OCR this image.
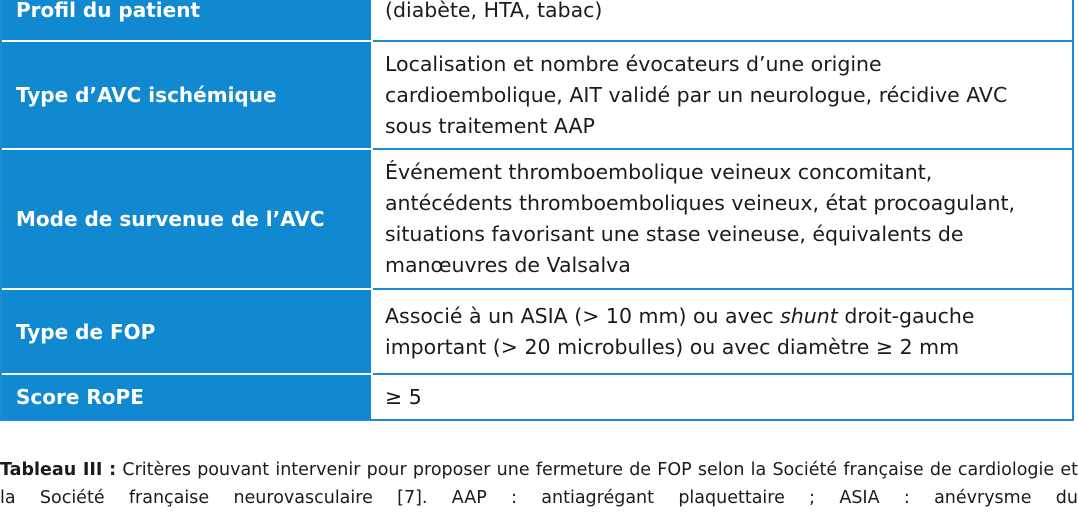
Profil du patient	(diabète, HTA, tabac)
Type d’AVC ischémique	Localisation et nombre évocateurs d’une origine cardioembolique, AIT validé par un neurologue, récidive AVC sous traitement AAP
Mode de survenue de l’AVC	Événement thromboembolique veineux concomitant, antécédents thromboemboliques veineux, état procoagulant, situations favorisant une stase veineuse, équivalents de manœuvres de Valsalva
Type de FOP	Associé à un ASIA (> 10 mm) ou avec shunt droit-gauche important (> 20 microbulles) ou avec diamètre ≥ 2 mm
Score RoPE	≥ 5
Tableau III : Critères pouvant intervenir pour proposer une fermeture de FOP selon la Société française de cardiologie et la Société française neurovasculaire [7]. AAP : antiagrégant plaquettaire ; ASIA : anévrysme du
